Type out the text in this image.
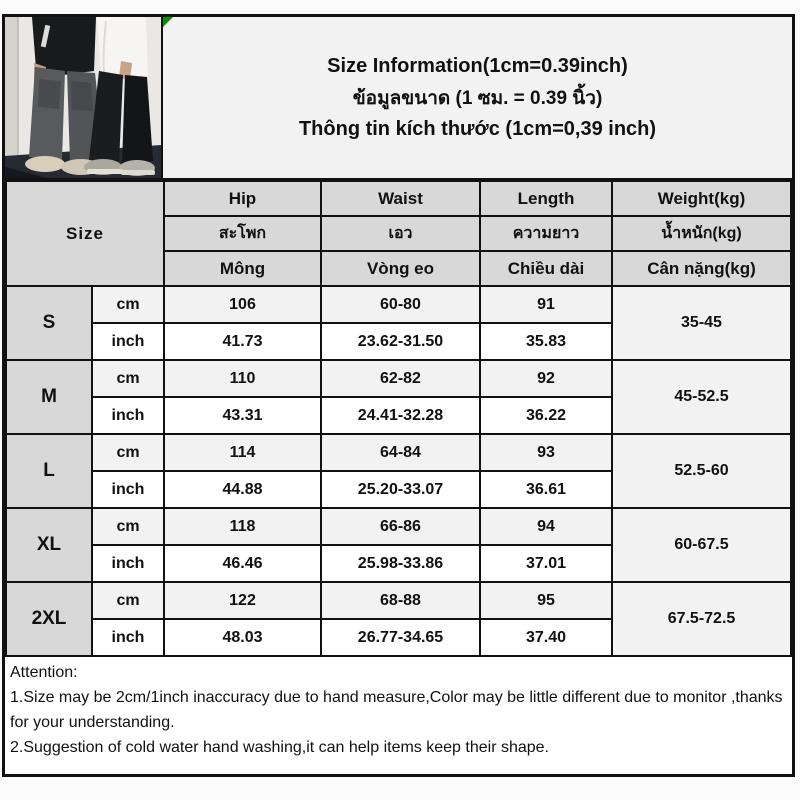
Size Information(1cm=0.39inch)
ข้อมูลขนาด (1 ซม. = 0.39 นิ้ว)
Thông tin kích thước (1cm=0,39 inch)
Size		Hip	Waist	Length	Weight(kg)
		สะโพก	เอว	ความยาว	น้ำหนัก(kg)
		Mông	Vòng eo	Chiều dài	Cân nặng(kg)
S	cm	106	60-80	91	35-45
	inch	41.73	23.62-31.50	35.83	
M	cm	110	62-82	92	45-52.5
	inch	43.31	24.41-32.28	36.22	
L	cm	114	64-84	93	52.5-60
	inch	44.88	25.20-33.07	36.61	
XL	cm	118	66-86	94	60-67.5
	inch	46.46	25.98-33.86	37.01	
2XL	cm	122	68-88	95	67.5-72.5
	inch	48.03	26.77-34.65	37.40	
Attention:
1.Size may be 2cm/1inch inaccuracy due to hand measure,Color may be little different due to monitor ,thanks for your understanding.
2.Suggestion of cold water hand washing,it can help items keep their shape.
